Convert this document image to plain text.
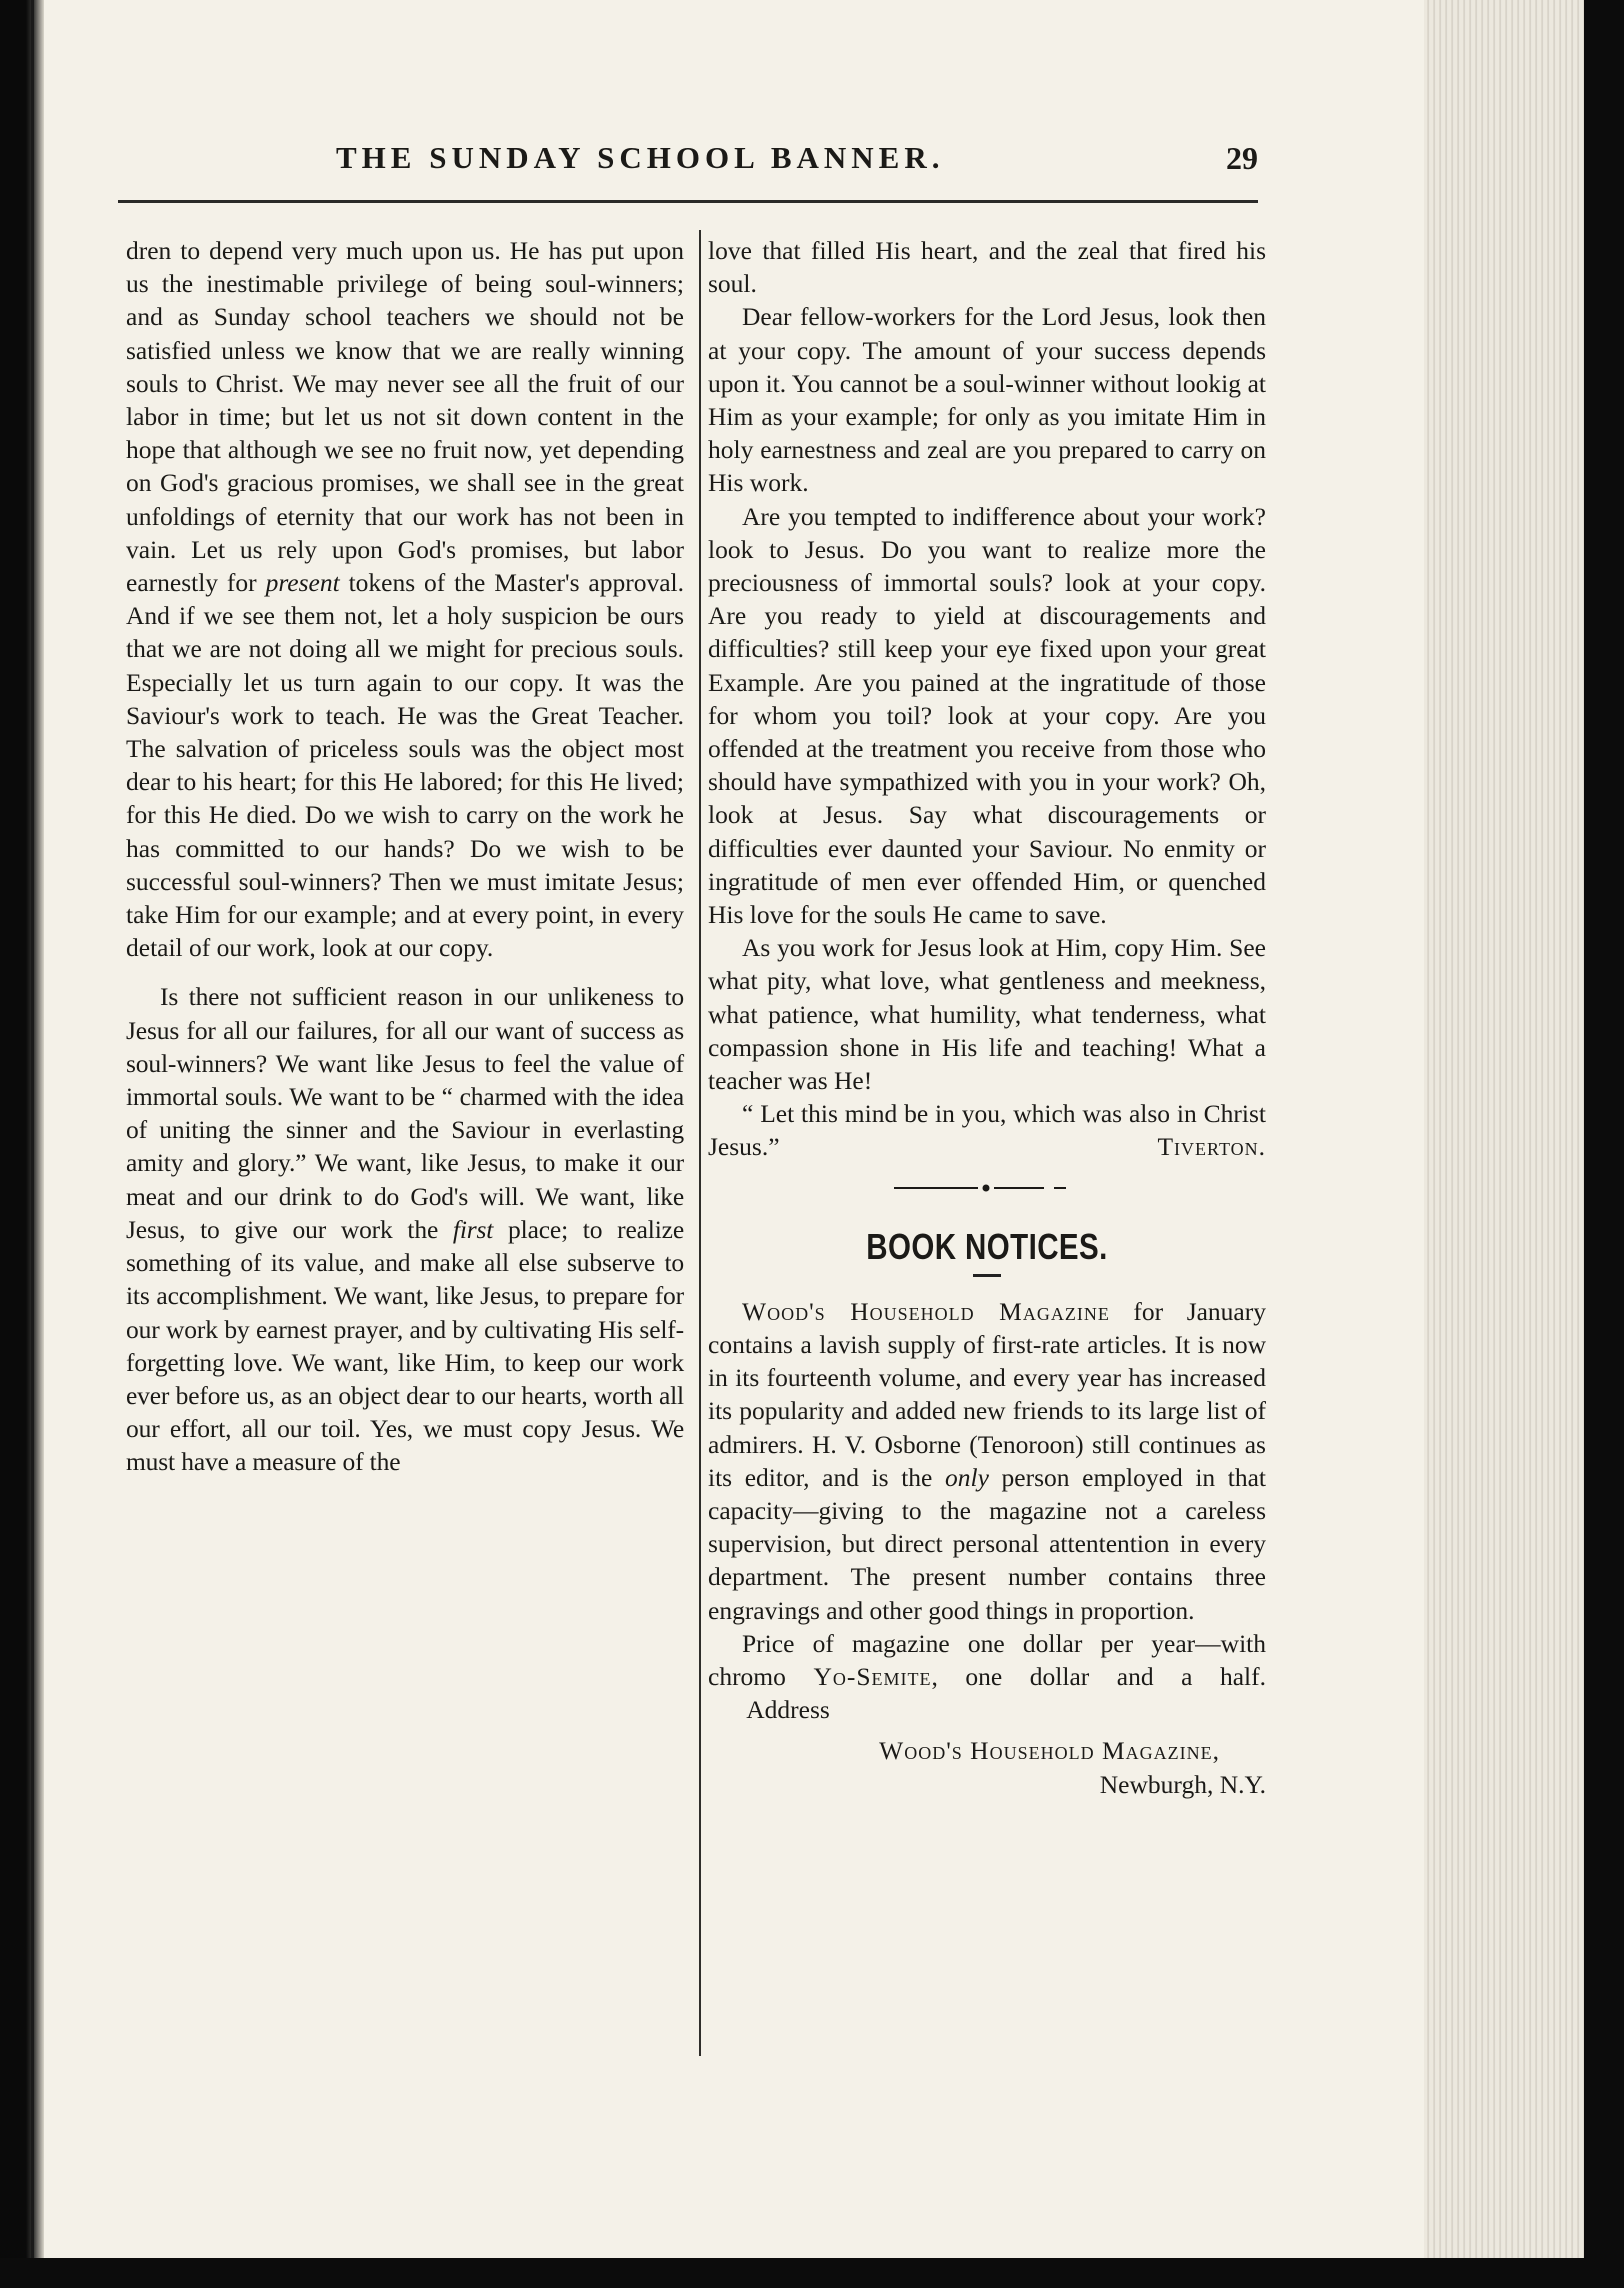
THE SUNDAY SCHOOL BANNER.	29

dren to depend very much upon us. He has put upon us the inestimable privilege of being soul-winners; and as Sunday school teachers we should not be satisfied unless we know that we are really winning souls to Christ. We may never see all the fruit of our labor in time; but let us not sit down content in the hope that although we see no fruit now, yet depending on God's gracious promises, we shall see in the great unfoldings of eternity that our work has not been in vain. Let us rely upon God's promises, but labor earnestly for present tokens of the Master's approval. And if we see them not, let a holy suspicion be ours that we are not doing all we might for precious souls. Especially let us turn again to our copy. It was the Saviour's work to teach. He was the Great Teacher. The salvation of priceless souls was the object most dear to his heart; for this He labored; for this He lived; for this He died. Do we wish to carry on the work he has committed to our hands? Do we wish to be successful soul-winners? Then we must imitate Jesus; take Him for our example; and at every point, in every detail of our work, look at our copy.

Is there not sufficient reason in our unlikeness to Jesus for all our failures, for all our want of success as soul-winners? We want like Jesus to feel the value of immortal souls. We want to be “ charmed with the idea of uniting the sinner and the Saviour in everlasting amity and glory.” We want, like Jesus, to make it our meat and our drink to do God's will. We want, like Jesus, to give our work the first place; to realize something of its value, and make all else subserve to its accomplishment. We want, like Jesus, to prepare for our work by earnest prayer, and by cultivating His self-forgetting love. We want, like Him, to keep our work ever before us, as an object dear to our hearts, worth all our effort, all our toil. Yes, we must copy Jesus. We must have a measure of the

love that filled His heart, and the zeal that fired his soul.

Dear fellow-workers for the Lord Jesus, look then at your copy. The amount of your success depends upon it. You cannot be a soul-winner without lookig at Him as your example; for only as you imitate Him in holy earnestness and zeal are you prepared to carry on His work.

Are you tempted to indifference about your work? look to Jesus. Do you want to realize more the preciousness of immortal souls? look at your copy. Are you ready to yield at discouragements and difficulties? still keep your eye fixed upon your great Example. Are you pained at the ingratitude of those for whom you toil? look at your copy. Are you offended at the treatment you receive from those who should have sympathized with you in your work? Oh, look at Jesus. Say what discouragements or difficulties ever daunted your Saviour. No enmity or ingratitude of men ever offended Him, or quenched His love for the souls He came to save.

As you work for Jesus look at Him, copy Him. See what pity, what love, what gentleness and meekness, what patience, what humility, what tenderness, what compassion shone in His life and teaching! What a teacher was He!

“ Let this mind be in you, which was also in Christ Jesus.”	Tiverton.

BOOK NOTICES.

Wood's Household Magazine for January contains a lavish supply of first-rate articles. It is now in its fourteenth volume, and every year has increased its popularity and added new friends to its large list of admirers. H. V. Osborne (Tenoroon) still continues as its editor, and is the only person employed in that capacity—giving to the magazine not a careless supervision, but direct personal attentention in every department. The present number contains three engravings and other good things in proportion.

Price of magazine one dollar per year—with chromo Yo-Semite, one dollar and a half.       Address

Wood's Household Magazine,
Newburgh, N.Y.
